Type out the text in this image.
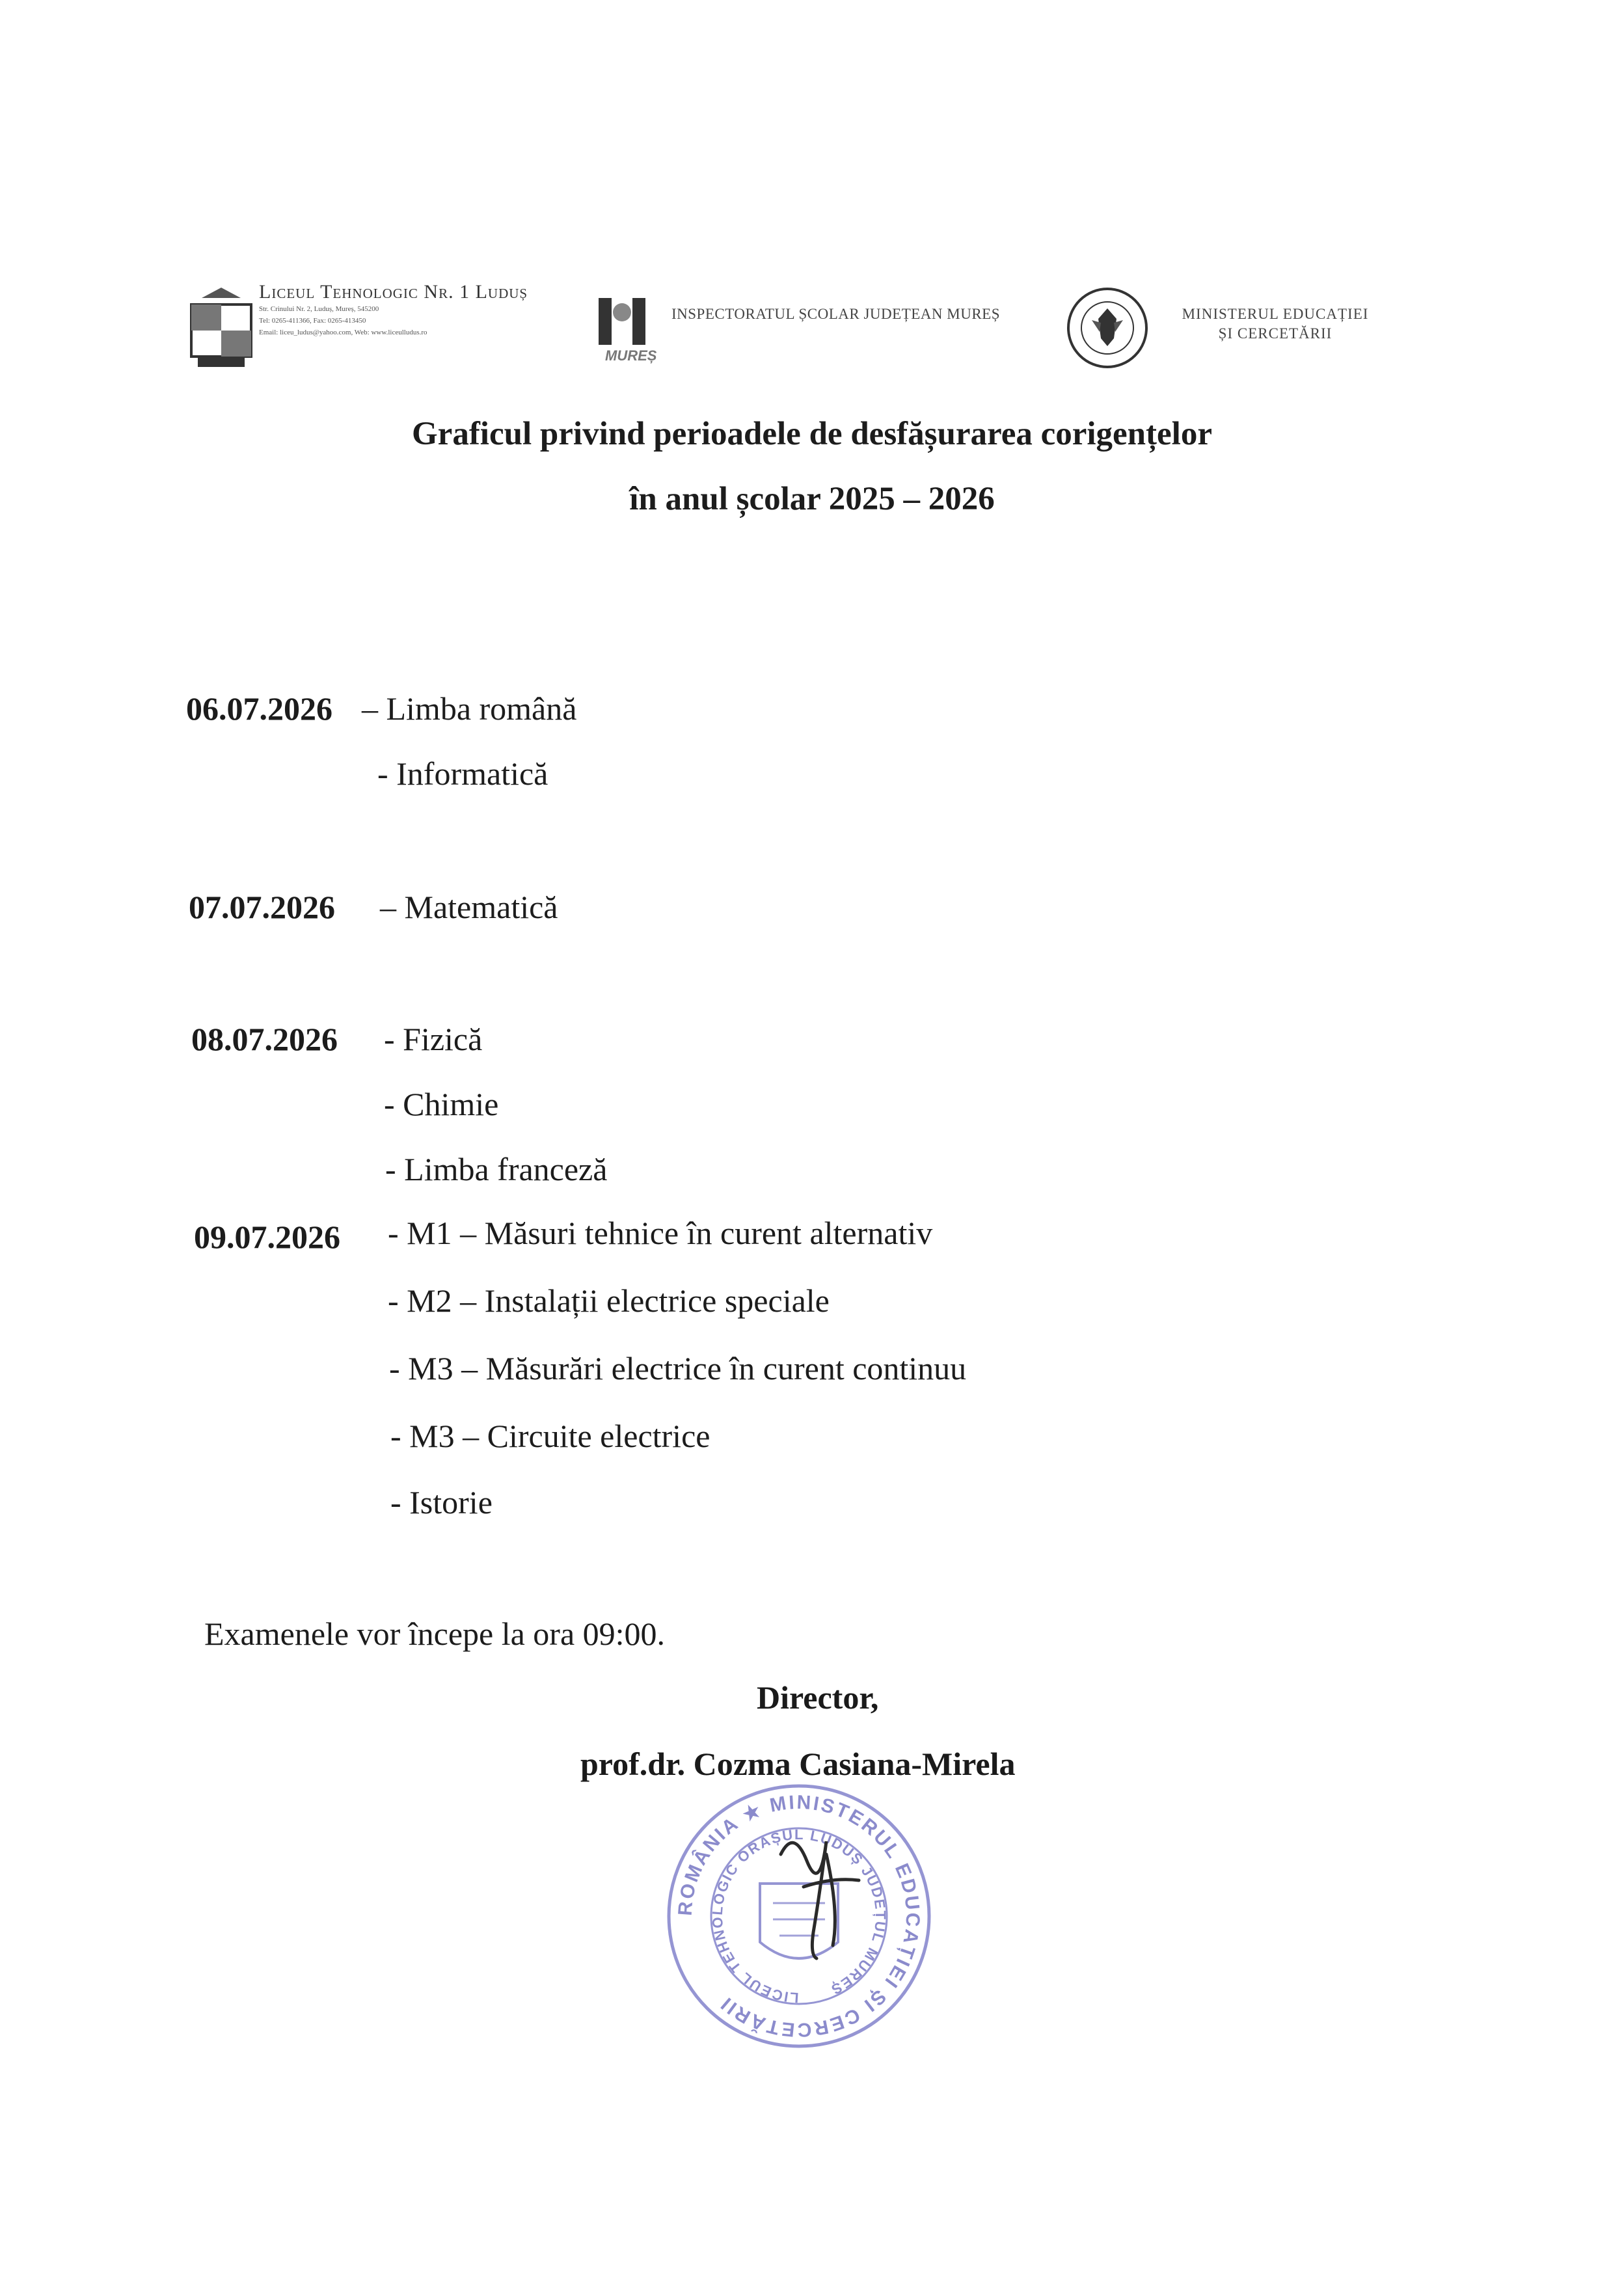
Liceul Tehnologic Nr. 1 Luduș
Str. Crinului Nr. 2, Luduș, Mureș, 545200
Tel: 0265-411366, Fax: 0265-413450
Email: liceu_ludus@yahoo.com, Web: www.liceulludus.ro
MUREȘ
INSPECTORATUL ȘCOLAR JUDEȚEAN MUREȘ	MINISTERUL EDUCAȚIEI
ȘI CERCETĂRII
Graficul privind perioadele de desfășurarea corigențelor
în anul școlar 2025 – 2026
06.07.2026 – Limba română
- Informatică
07.07.2026 – Matematică
08.07.2026 - Fizică
- Chimie
- Limba franceză
09.07.2026 - M1 – Măsuri tehnice în curent alternativ
- M2 – Instalații electrice speciale
- M3 – Măsurări electrice în curent continuu
- M3 – Circuite electrice
- Istorie
Examenele vor începe la ora 09:00.
Director,
prof.dr. Cozma Casiana-Mirela
ROMÂNIA ★ MINISTERUL EDUCAȚIEI ȘI CERCETĂRII	LICEUL TEHNOLOGIC ORAȘUL LUDUȘ JUDEȚUL MUREȘ
